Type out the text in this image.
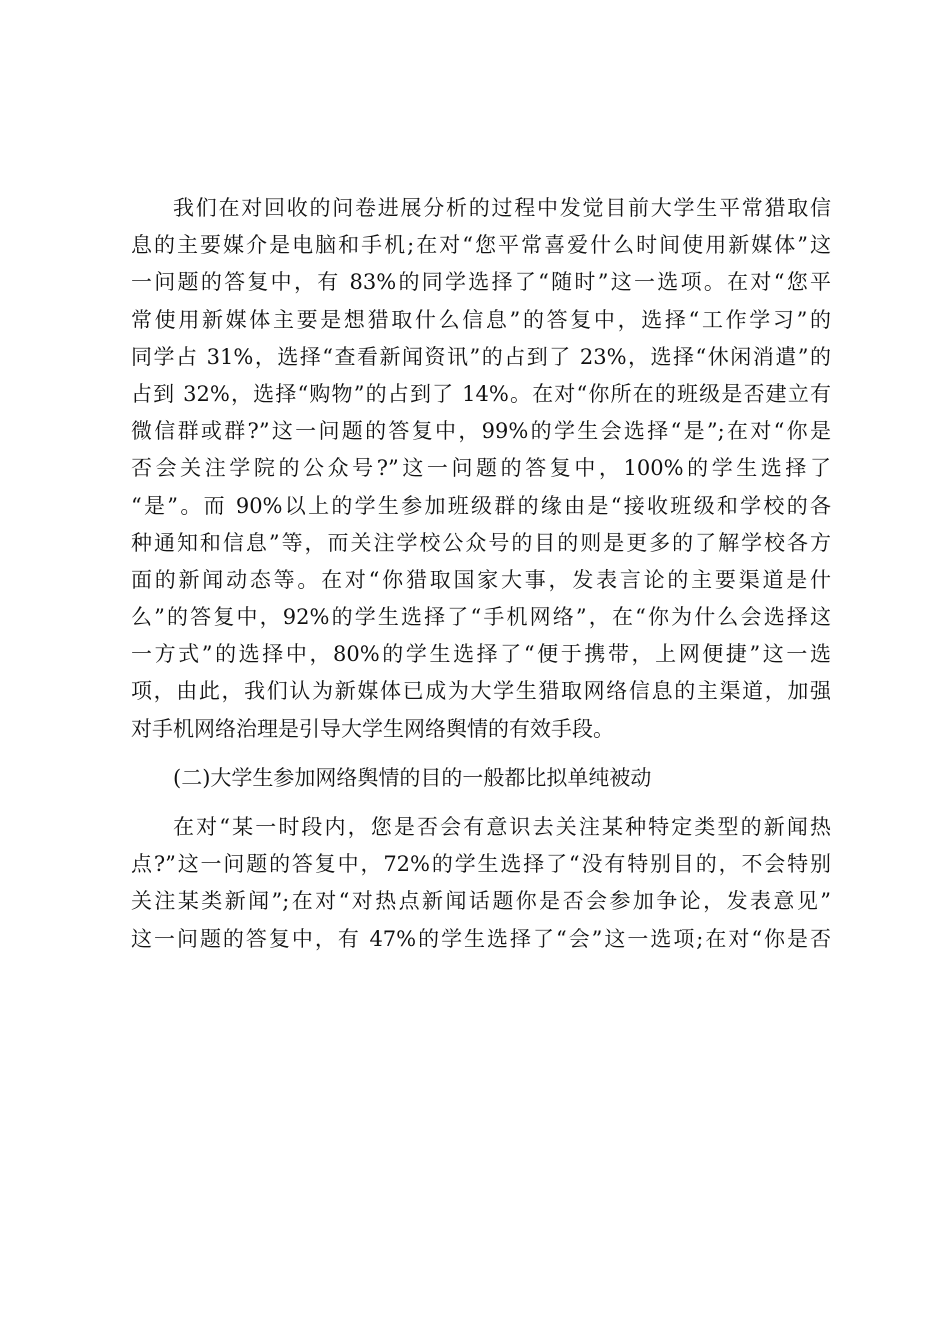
我们在对回收的问卷进展分析的过程中发觉目前大学生平常猎取信
息的主要媒介是电脑和手机;在对“您平常喜爱什么时间使用新媒体”这
一问题的答复中，有 83%的同学选择了“随时”这一选项。在对“您平
常使用新媒体主要是想猎取什么信息”的答复中，选择“工作学习”的
同学占 31%，选择“查看新闻资讯”的占到了 23%，选择“休闲消遣”的
占到 32%，选择“购物”的占到了 14%。在对“你所在的班级是否建立有
微信群或群?”这一问题的答复中，99%的学生会选择“是”;在对“你是
否会关注学院的公众号?”这一问题的答复中，100%的学生选择了
“是”。而 90%以上的学生参加班级群的缘由是“接收班级和学校的各
种通知和信息”等，而关注学校公众号的目的则是更多的了解学校各方
面的新闻动态等。在对“你猎取国家大事，发表言论的主要渠道是什
么”的答复中，92%的学生选择了“手机网络”，在“你为什么会选择这
一方式”的选择中，80%的学生选择了“便于携带，上网便捷”这一选
项，由此，我们认为新媒体已成为大学生猎取网络信息的主渠道，加强
对手机网络治理是引导大学生网络舆情的有效手段。
(二)大学生参加网络舆情的目的一般都比拟单纯被动
在对“某一时段内，您是否会有意识去关注某种特定类型的新闻热
点?”这一问题的答复中，72%的学生选择了“没有特别目的，不会特别
关注某类新闻”;在对“对热点新闻话题你是否会参加争论，发表意见”
这一问题的答复中，有 47%的学生选择了“会”这一选项;在对“你是否
